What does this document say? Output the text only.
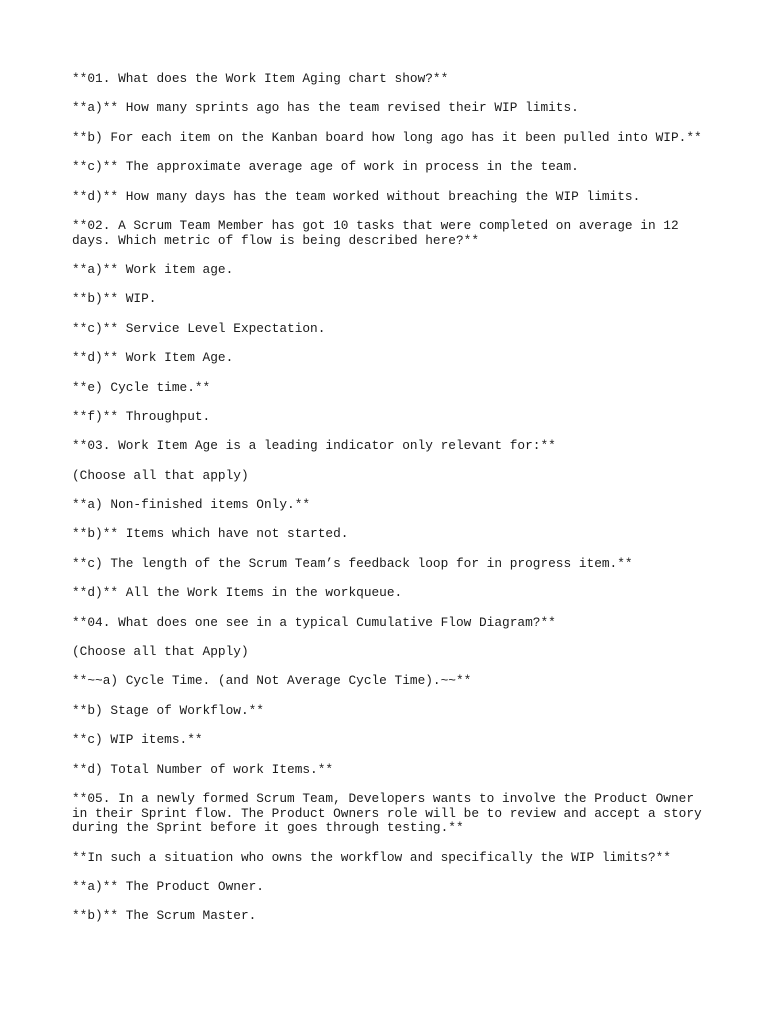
**01. What does the Work Item Aging chart show?**

**a)** How many sprints ago has the team revised their WIP limits.

**b) For each item on the Kanban board how long ago has it been pulled into WIP.**

**c)** The approximate average age of work in process in the team.

**d)** How many days has the team worked without breaching the WIP limits.

**02. A Scrum Team Member has got 10 tasks that were completed on average in 12 days. Which metric of flow is being described here?**

**a)** Work item age.

**b)** WIP.

**c)** Service Level Expectation.

**d)** Work Item Age.

**e) Cycle time.**

**f)** Throughput.

**03. Work Item Age is a leading indicator only relevant for:**

(Choose all that apply)

**a) Non-finished items Only.**

**b)** Items which have not started.

**c) The length of the Scrum Team’s feedback loop for in progress item.**

**d)** All the Work Items in the workqueue.

**04. What does one see in a typical Cumulative Flow Diagram?**

(Choose all that Apply)

**~~a) Cycle Time. (and Not Average Cycle Time).~~**

**b) Stage of Workflow.**

**c) WIP items.**

**d) Total Number of work Items.**

**05. In a newly formed Scrum Team, Developers wants to involve the Product Owner in their Sprint flow. The Product Owners role will be to review and accept a story during the Sprint before it goes through testing.**

**In such a situation who owns the workflow and specifically the WIP limits?**

**a)** The Product Owner.

**b)** The Scrum Master.
